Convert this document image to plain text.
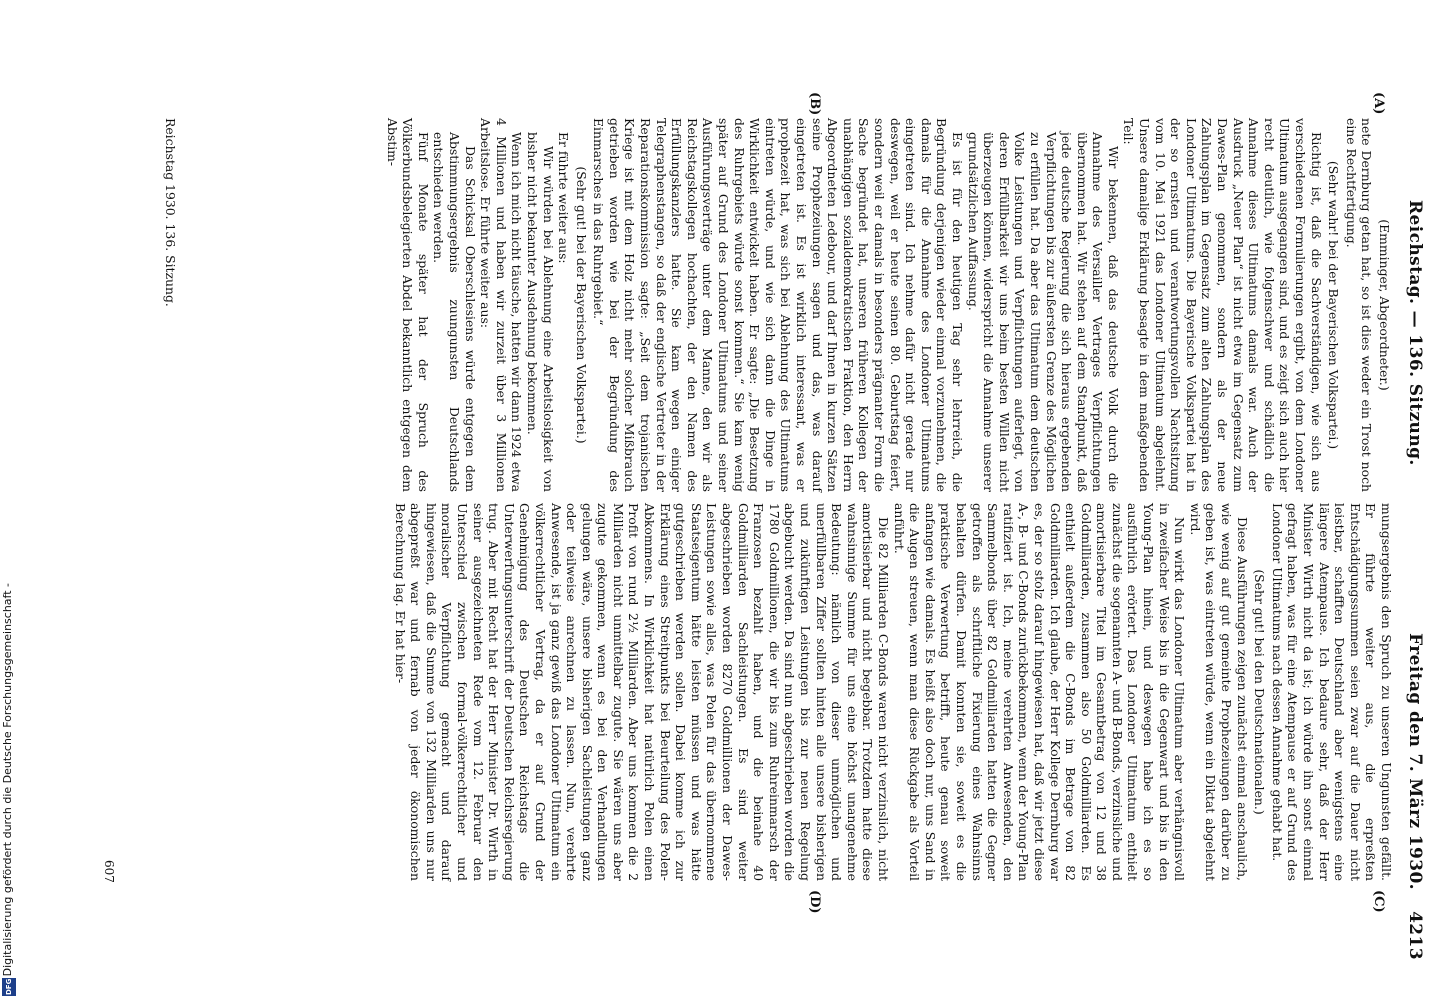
Digitalisierung gefördert durch die Deutsche Forschungsgemeinschaft -
DFG
Reichstag. — 136. Sitzung.
Freitag den 7. März 1930.
4213
(A)
(B)
(C)
(D)

(Emminger, Abgeordneter.)

nete Dernburg getan hat, so ist dies weder ein Trost noch eine Rechtfertigung.

(Sehr wahr! bei der Bayerischen Volkspartei.)

Richtig ist, daß die Sachverständigen, wie sich aus verschiedenen Formulierungen ergibt, von dem Londoner Ultimatum ausgegangen sind, und es zeigt sich auch hier recht deutlich, wie folgenschwer und schädlich die Annahme dieses Ultimatums damals war. Auch der Ausdruck „Neuer Plan“ ist nicht etwa im Gegensatz zum Dawes-Plan genommen, sondern als der neue Zahlungsplan im Gegensatz zum alten Zahlungsplan des Londoner Ultimatums. Die Bayerische Volkspartei hat in der so ernsten und verantwortungsvollen Nachtsitzung vom 10. Mai 1921 das Londoner Ultimatum abgelehnt. Unsere damalige Erklärung besagte in dem maßgebenden Teil:

Wir bekennen, daß das deutsche Volk durch die Annahme des Versailler Vertrages Verpflichtungen übernommen hat. Wir stehen auf dem Standpunkt, daß jede deutsche Regierung die sich hieraus ergebenden Verpflichtungen bis zur äußersten Grenze des Möglichen zu erfüllen hat. Da aber das Ultimatum dem deutschen Volke Leistungen und Verpflichtungen auferlegt, von deren Erfüllbarkeit wir uns beim besten Willen nicht überzeugen können, widerspricht die Annahme unserer grundsätzlichen Auffassung.

Es ist für den heutigen Tag sehr lehrreich, die Begründung derjenigen wieder einmal vorzunehmen, die damals für die Annahme des Londoner Ultimatums eingetreten sind. Ich nehme dafür nicht gerade nur deswegen, weil er heute seinen 80. Geburtstag feiert, sondern weil er damals in besonders prägnanter Form die Sache begründet hat, unseren früheren Kollegen der unabhängigen sozialdemokratischen Fraktion, den Herrn Abgeordneten Ledebour, und darf Ihnen in kurzen Sätzen seine Prophezeiungen sagen und das, was darauf eingetreten ist. Es ist wirklich interessant, was er prophezeit hat, was sich bei Ablehnung des Ultimatums eintreten würde, und wie sich dann die Dinge in Wirklichkeit entwickelt haben. Er sagte: „Die Besetzung des Ruhrgebiets würde sonst kommen.“ Sie kam wenig später auf Grund des Londoner Ultimatums und seiner Ausführungsverträge unter dem Manne, den wir als Reichstagskollegen hochachten, der den Namen des Erfüllungskanzlers hatte. Sie kam wegen einiger Telegraphenstangen, so daß der englische Vertreter in der Reparationskommission sagte: „Seit dem trojanischen Kriege ist mit dem Holz nicht mehr solcher Mißbrauch getrieben worden wie bei der Begründung des Einmarsches in das Ruhrgebiet.“

(Sehr gut! bei der Bayerischen Volkspartei.)

Er führte weiter aus:

Wir würden bei Ablehnung eine Arbeitslosigkeit von bisher nicht bekannter Ausdehnung bekommen.

Wenn ich mich nicht täusche, hatten wir dann 1924 etwa 4 Millionen und haben wir zurzeit über 3 Millionen Arbeitslose. Er führte weiter aus:

Das Schicksal Oberschlesiens würde entgegen dem Abstimmungsergebnis zuungunsten Deutschlands entschieden werden.

Fünf Monate später hat der Spruch des Völkerbundsbelegierten Abdel bekanntlich entgegen dem Abstim-

mungsergebnis den Spruch zu unseren Ungunsten gefällt. Er führte weiter aus, die erpreßten Entschädigungssummen seien zwar auf die Dauer nicht leistbar, schafften Deutschland aber wenigstens eine längere Atempause. Ich bedaure sehr, daß der Herr Minister Wirth nicht da ist; ich würde ihn sonst einmal gefragt haben, was für eine Atempause er auf Grund des Londoner Ultimatums nach dessen Annahme gehabt hat.

(Sehr gut! bei den Deutschnationalen.)

Diese Ausführungen zeigen zunächst einmal anschaulich, wie wenig auf gut gemeinte Prophezeiungen darüber zu geben ist, was eintreten würde, wenn ein Diktat abgelehnt wird.

Nun wirkt das Londoner Ultimatum aber verhängnisvoll in zweifacher Weise bis in die Gegenwart und bis in den Young-Plan hinein, und deswegen habe ich es so ausführlich erörtert. Das Londoner Ultimatum enthielt zunächst die sogenannten A- und B-Bonds, verzinsliche und amortisierbare Titel im Gesamtbetrag von 12 und 38 Goldmilliarden, zusammen also 50 Goldmilliarden. Es enthielt außerdem die C-Bonds im Betrage von 82 Goldmilliarden. Ich glaube, der Herr Kollege Dernburg war es, der so stolz darauf hingewiesen hat, daß wir jetzt diese A-, B- und C-Bonds zurückbekommen, wenn der Young-Plan ratifiziert ist. Ich, meine verehrten Anwesenden, den Sammelbonds über 82 Goldmilliarden hatten die Gegner getroffen als schriftliche Fixierung eines Wahnsinns behalten dürfen. Damit konnten sie, soweit es die praktische Verwertung betrifft, heute genau soweit anfangen wie damals. Es heißt also doch nur, uns Sand in die Augen streuen, wenn man diese Rückgabe als Vorteil anführt.

Die 82 Milliarden C-Bonds waren nicht verzinslich, nicht amortisierbar und nicht begebbar. Trotzdem hatte diese wahnsinnige Summe für uns eine höchst unangenehme Bedeutung: nämlich von dieser unmöglichen und unerfüllbaren Ziffer sollten hinten alle unsere bisherigen und zukünftigen Leistungen bis zur neuen Regelung abgebucht werden. Da sind nun abgeschrieben worden die 1780 Goldmillionen, die wir bis zum Ruhreinmarsch der Franzosen bezahlt haben, und die beinahe 40 Goldmilliarden Sachleistungen. Es sind weiter abgeschrieben worden 8270 Goldmillionen der Dawes-Leistungen sowie alles, was Polen für das übernommene Staatseigentum hätte leisten müssen und was hätte gutgeschrieben werden sollen. Dabei komme ich zur Erklärung eines Streitpunkts bei Beurteilung des Polen-Abkommens. In Wirklichkeit hat natürlich Polen einen Profit von rund 2½ Milliarden. Aber uns kommen die 2 Milliarden nicht unmittelbar zugute. Sie wären uns aber zugute gekommen, wenn es bei den Verhandlungen gelungen wäre, unsere bisherigen Sachleistungen ganz oder teilweise anrechnen zu lassen. Nun, verehrte Anwesende, ist ja ganz gewiß das Londoner Ultimatum ein völkerrechtlicher Vertrag, da er auf Grund der Genehmigung des Deutschen Reichstags die Unterwerfungsunterschrift der Deutschen Reichsregierung trug. Aber mit Recht hat der Herr Minister Dr. Wirth in seiner ausgezeichneten Rede vom 12. Februar den Unterschied zwischen formal-völkerrechtlicher und moralischer Verpflichtung gemacht und darauf hingewiesen, daß die Summe von 132 Milliarden uns nur abgepreßt war und fernab von jeder ökonomischen Berechnung lag. Er hat hier-

Reichstag 1930. 136. Sitzung.
607
